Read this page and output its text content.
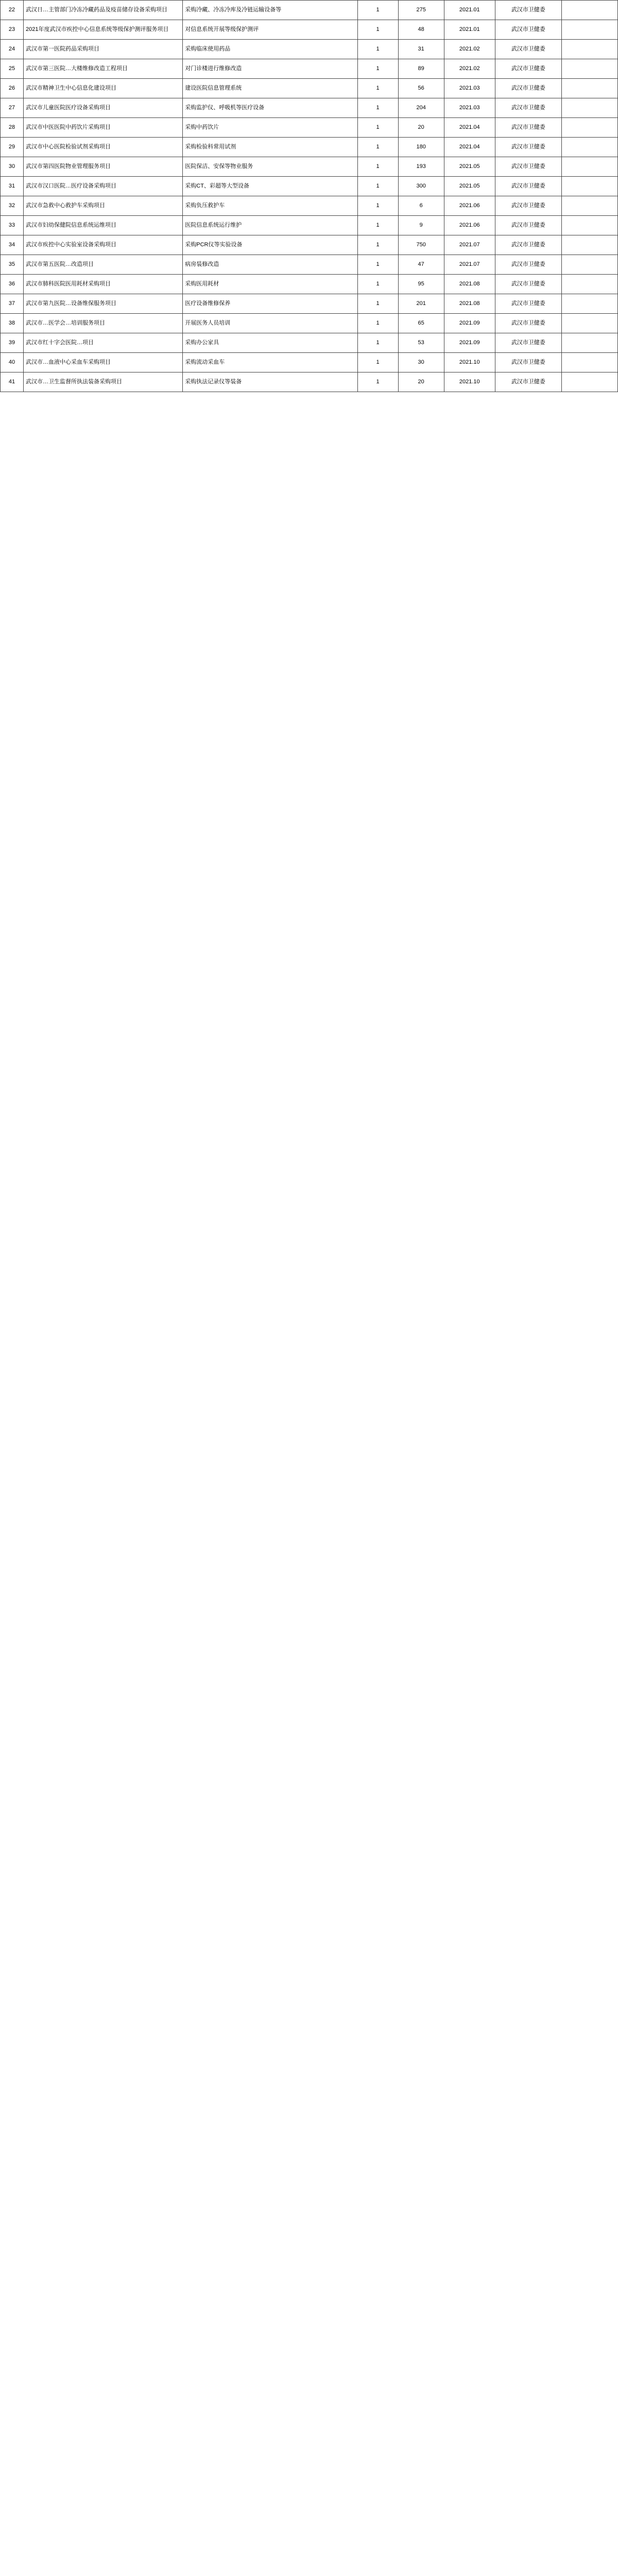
22	武汉日…主管部门冷冻冷藏药品及疫苗储存设备采购项目	采购冷藏、冷冻冷库及冷链运输设备等	1	275	2021.01	武汉市卫健委	
23	2021年度武汉市疾控中心信息系统等级保护测评服务项目	对信息系统开展等级保护测评	1	48	2021.01	武汉市卫健委	
24	武汉市第一医院药品采购项目	采购临床使用药品	1	31	2021.02	武汉市卫健委	
25	武汉市第三医院…大楼维修改造工程项目	对门诊楼进行维修改造	1	89	2021.02	武汉市卫健委	
26	武汉市精神卫生中心信息化建设项目	建设医院信息管理系统	1	56	2021.03	武汉市卫健委	
27	武汉市儿童医院医疗设备采购项目	采购监护仪、呼吸机等医疗设备	1	204	2021.03	武汉市卫健委	
28	武汉市中医医院中药饮片采购项目	采购中药饮片	1	20	2021.04	武汉市卫健委	
29	武汉市中心医院检验试剂采购项目	采购检验科常用试剂	1	180	2021.04	武汉市卫健委	
30	武汉市第四医院物业管理服务项目	医院保洁、安保等物业服务	1	193	2021.05	武汉市卫健委	
31	武汉市汉口医院…医疗设备采购项目	采购CT、彩超等大型设备	1	300	2021.05	武汉市卫健委	
32	武汉市急救中心救护车采购项目	采购负压救护车	1	6	2021.06	武汉市卫健委	
33	武汉市妇幼保健院信息系统运维项目	医院信息系统运行维护	1	9	2021.06	武汉市卫健委	
34	武汉市疾控中心实验室设备采购项目	采购PCR仪等实验设备	1	750	2021.07	武汉市卫健委	
35	武汉市第五医院…改造项目	病房装修改造	1	47	2021.07	武汉市卫健委	
36	武汉市肺科医院医用耗材采购项目	采购医用耗材	1	95	2021.08	武汉市卫健委	
37	武汉市第九医院…设备维保服务项目	医疗设备维修保养	1	201	2021.08	武汉市卫健委	
38	武汉市…医学会…培训服务项目	开展医务人员培训	1	65	2021.09	武汉市卫健委	
39	武汉市红十字会医院…项目	采购办公家具	1	53	2021.09	武汉市卫健委	
40	武汉市…血液中心采血车采购项目	采购流动采血车	1	30	2021.10	武汉市卫健委	
41	武汉市…卫生监督所执法装备采购项目	采购执法记录仪等装备	1	20	2021.10	武汉市卫健委	
